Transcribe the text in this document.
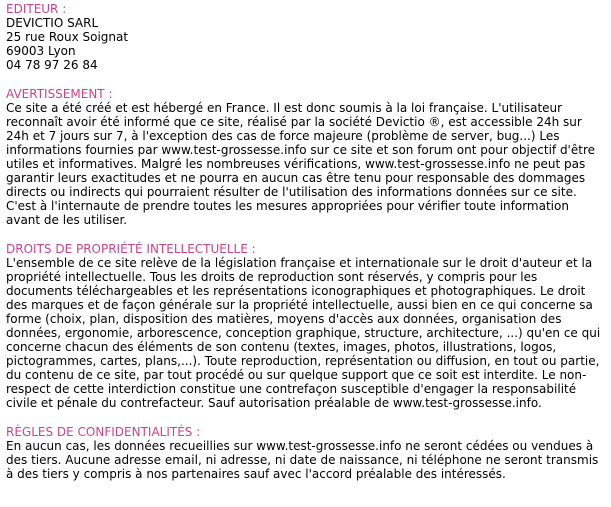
EDITEUR :
DEVICTIO SARL
25 rue Roux Soignat
69003 Lyon
04 78 97 26 84
AVERTISSEMENT :

Ce site a été créé et est hébergé en France. Il est donc soumis à la loi française. L'utilisateur reconnaît avoir été informé que ce site, réalisé par la société Devictio ®, est accessible 24h sur 24h et 7 jours sur 7, à l'exception des cas de force majeure (problème de server, bug...) Les informations fournies par www.test-grossesse.info sur ce site et son forum ont pour objectif d'être utiles et informatives. Malgré les nombreuses vérifications, www.test-grossesse.info ne peut pas garantir leurs exactitudes et ne pourra en aucun cas être tenu pour responsable des dommages directs ou indirects qui pourraient résulter de l'utilisation des informations données sur ce site. C'est à l'internaute de prendre toutes les mesures appropriées pour vérifier toute information avant de les utiliser.

DROITS DE PROPRIÉTÉ INTELLECTUELLE :

L'ensemble de ce site relève de la législation française et internationale sur le droit d'auteur et la propriété intellectuelle. Tous les droits de reproduction sont réservés, y compris pour les documents téléchargeables et les représentations iconographiques et photographiques. Le droit des marques et de façon générale sur la propriété intellectuelle, aussi bien en ce qui concerne sa forme (choix, plan, disposition des matières, moyens d'accès aux données, organisation des données, ergonomie, arborescence, conception graphique, structure, architecture, ...) qu'en ce qui concerne chacun des éléments de son contenu (textes, images, photos, illustrations, logos, pictogrammes, cartes, plans,...). Toute reproduction, représentation ou diffusion, en tout ou partie, du contenu de ce site, par tout procédé ou sur quelque support que ce soit est interdite. Le non-respect de cette interdiction constitue une contrefaçon susceptible d'engager la responsabilité civile et pénale du contrefacteur. Sauf autorisation préalable de www.test-grossesse.info.

RÈGLES DE CONFIDENTIALITÉS :

En aucun cas, les données recueillies sur www.test-grossesse.info ne seront cédées ou vendues à des tiers. Aucune adresse email, ni adresse, ni date de naissance, ni téléphone ne seront transmis à des tiers y compris à nos partenaires sauf avec l'accord préalable des intéressés.
